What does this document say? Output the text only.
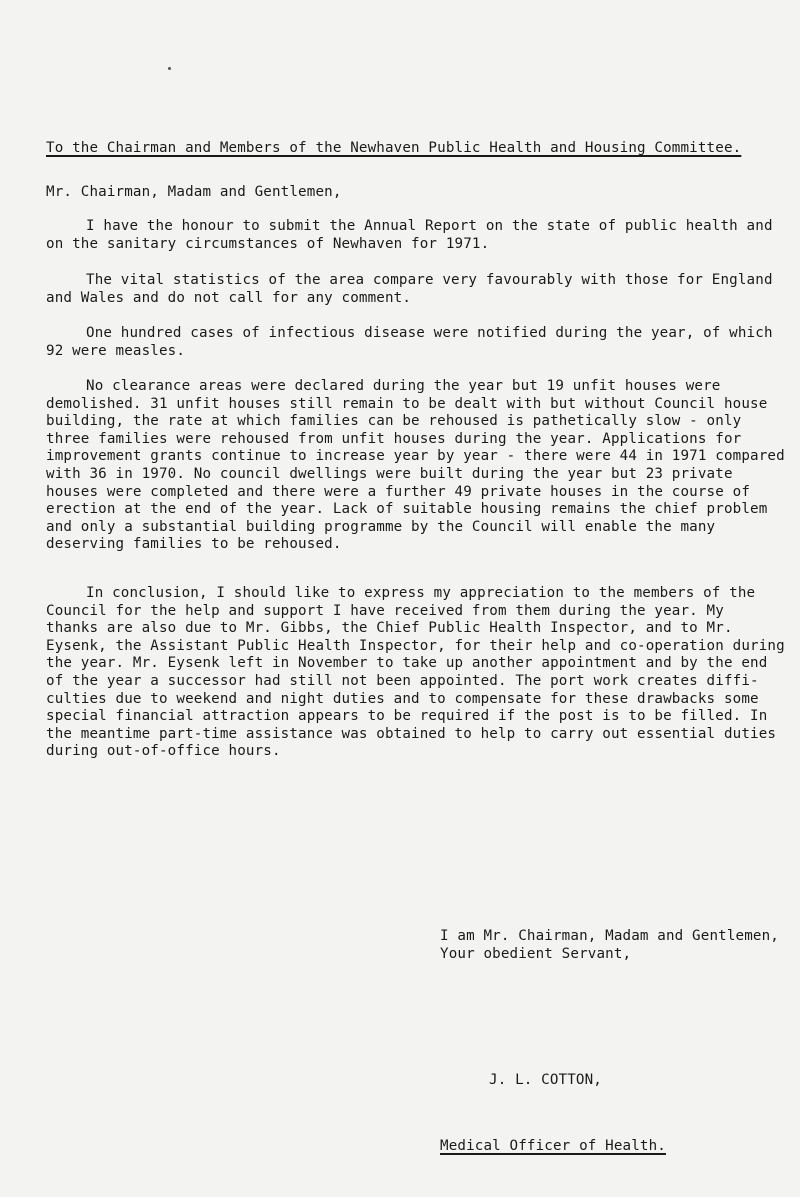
To the Chairman and Members of the Newhaven Public Health and Housing Committee.
Mr. Chairman, Madam and Gentlemen,
I have the honour to submit the Annual Report on the state of public health and
on the sanitary circumstances of Newhaven for 1971.
The vital statistics of the area compare very favourably with those for England
and Wales and do not call for any comment.
One hundred cases of infectious disease were notified during the year, of which
92 were measles.
No clearance areas were declared during the year but 19 unfit houses were
demolished. 31 unfit houses still remain to be dealt with but without Council house
building, the rate at which families can be rehoused is pathetically slow - only
three families were rehoused from unfit houses during the year. Applications for
improvement grants continue to increase year by year - there were 44 in 1971 compared
with 36 in 1970. No council dwellings were built during the year but 23 private
houses were completed and there were a further 49 private houses in the course of
erection at the end of the year. Lack of suitable housing remains the chief problem
and only a substantial building programme by the Council will enable the many
deserving families to be rehoused.
In conclusion, I should like to express my appreciation to the members of the
Council for the help and support I have received from them during the year. My
thanks are also due to Mr. Gibbs, the Chief Public Health Inspector, and to Mr.
Eysenk, the Assistant Public Health Inspector, for their help and co-operation during
the year. Mr. Eysenk left in November to take up another appointment and by the end
of the year a successor had still not been appointed. The port work creates diffi-
culties due to weekend and night duties and to compensate for these drawbacks some
special financial attraction appears to be required if the post is to be filled. In
the meantime part-time assistance was obtained to help to carry out essential duties
during out-of-office hours.
I am Mr. Chairman, Madam and Gentlemen,
Your obedient Servant,
J. L. COTTON,
Medical Officer of Health.
